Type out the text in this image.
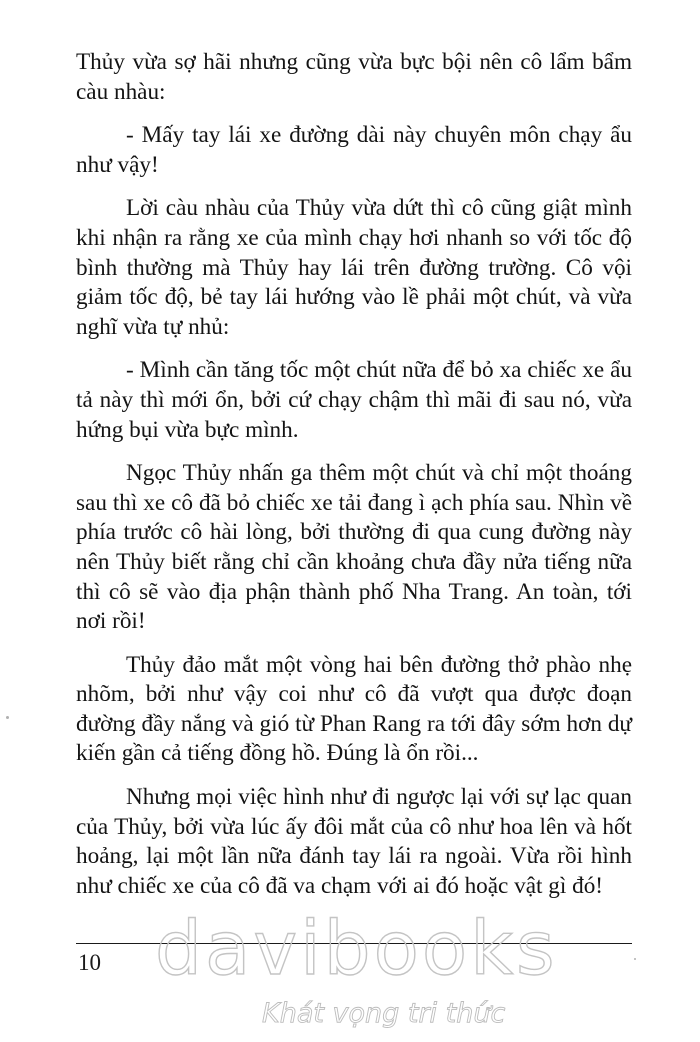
Thủy vừa sợ hãi nhưng cũng vừa bực bội nên cô lẩm bẩm càu nhàu:

- Mấy tay lái xe đường dài này chuyên môn chạy ẩu như vậy!

Lời càu nhàu của Thủy vừa dứt thì cô cũng giật mình khi nhận ra rằng xe của mình chạy hơi nhanh so với tốc độ bình thường mà Thủy hay lái trên đường trường. Cô vội giảm tốc độ, bẻ tay lái hướng vào lề phải một chút, và vừa nghĩ vừa tự nhủ:

- Mình cần tăng tốc một chút nữa để bỏ xa chiếc xe ẩu tả này thì mới ổn, bởi cứ chạy chậm thì mãi đi sau nó, vừa hứng bụi vừa bực mình.

Ngọc Thủy nhấn ga thêm một chút và chỉ một thoáng sau thì xe cô đã bỏ chiếc xe tải đang ì ạch phía sau. Nhìn về phía trước cô hài lòng, bởi thường đi qua cung đường này nên Thủy biết rằng chỉ cần khoảng chưa đầy nửa tiếng nữa thì cô sẽ vào địa phận thành phố Nha Trang. An toàn, tới nơi rồi!

Thủy đảo mắt một vòng hai bên đường thở phào nhẹ nhõm, bởi như vậy coi như cô đã vượt qua được đoạn đường đầy nắng và gió từ Phan Rang ra tới đây sớm hơn dự kiến gần cả tiếng đồng hồ. Đúng là ổn rồi...

Nhưng mọi việc hình như đi ngược lại với sự lạc quan của Thủy, bởi vừa lúc ấy đôi mắt của cô như hoa lên và hốt hoảng, lại một lần nữa đánh tay lái ra ngoài. Vừa rồi hình như chiếc xe của cô đã va chạm với ai đó hoặc vật gì đó!

davibooks
Khát vọng tri thức
10
